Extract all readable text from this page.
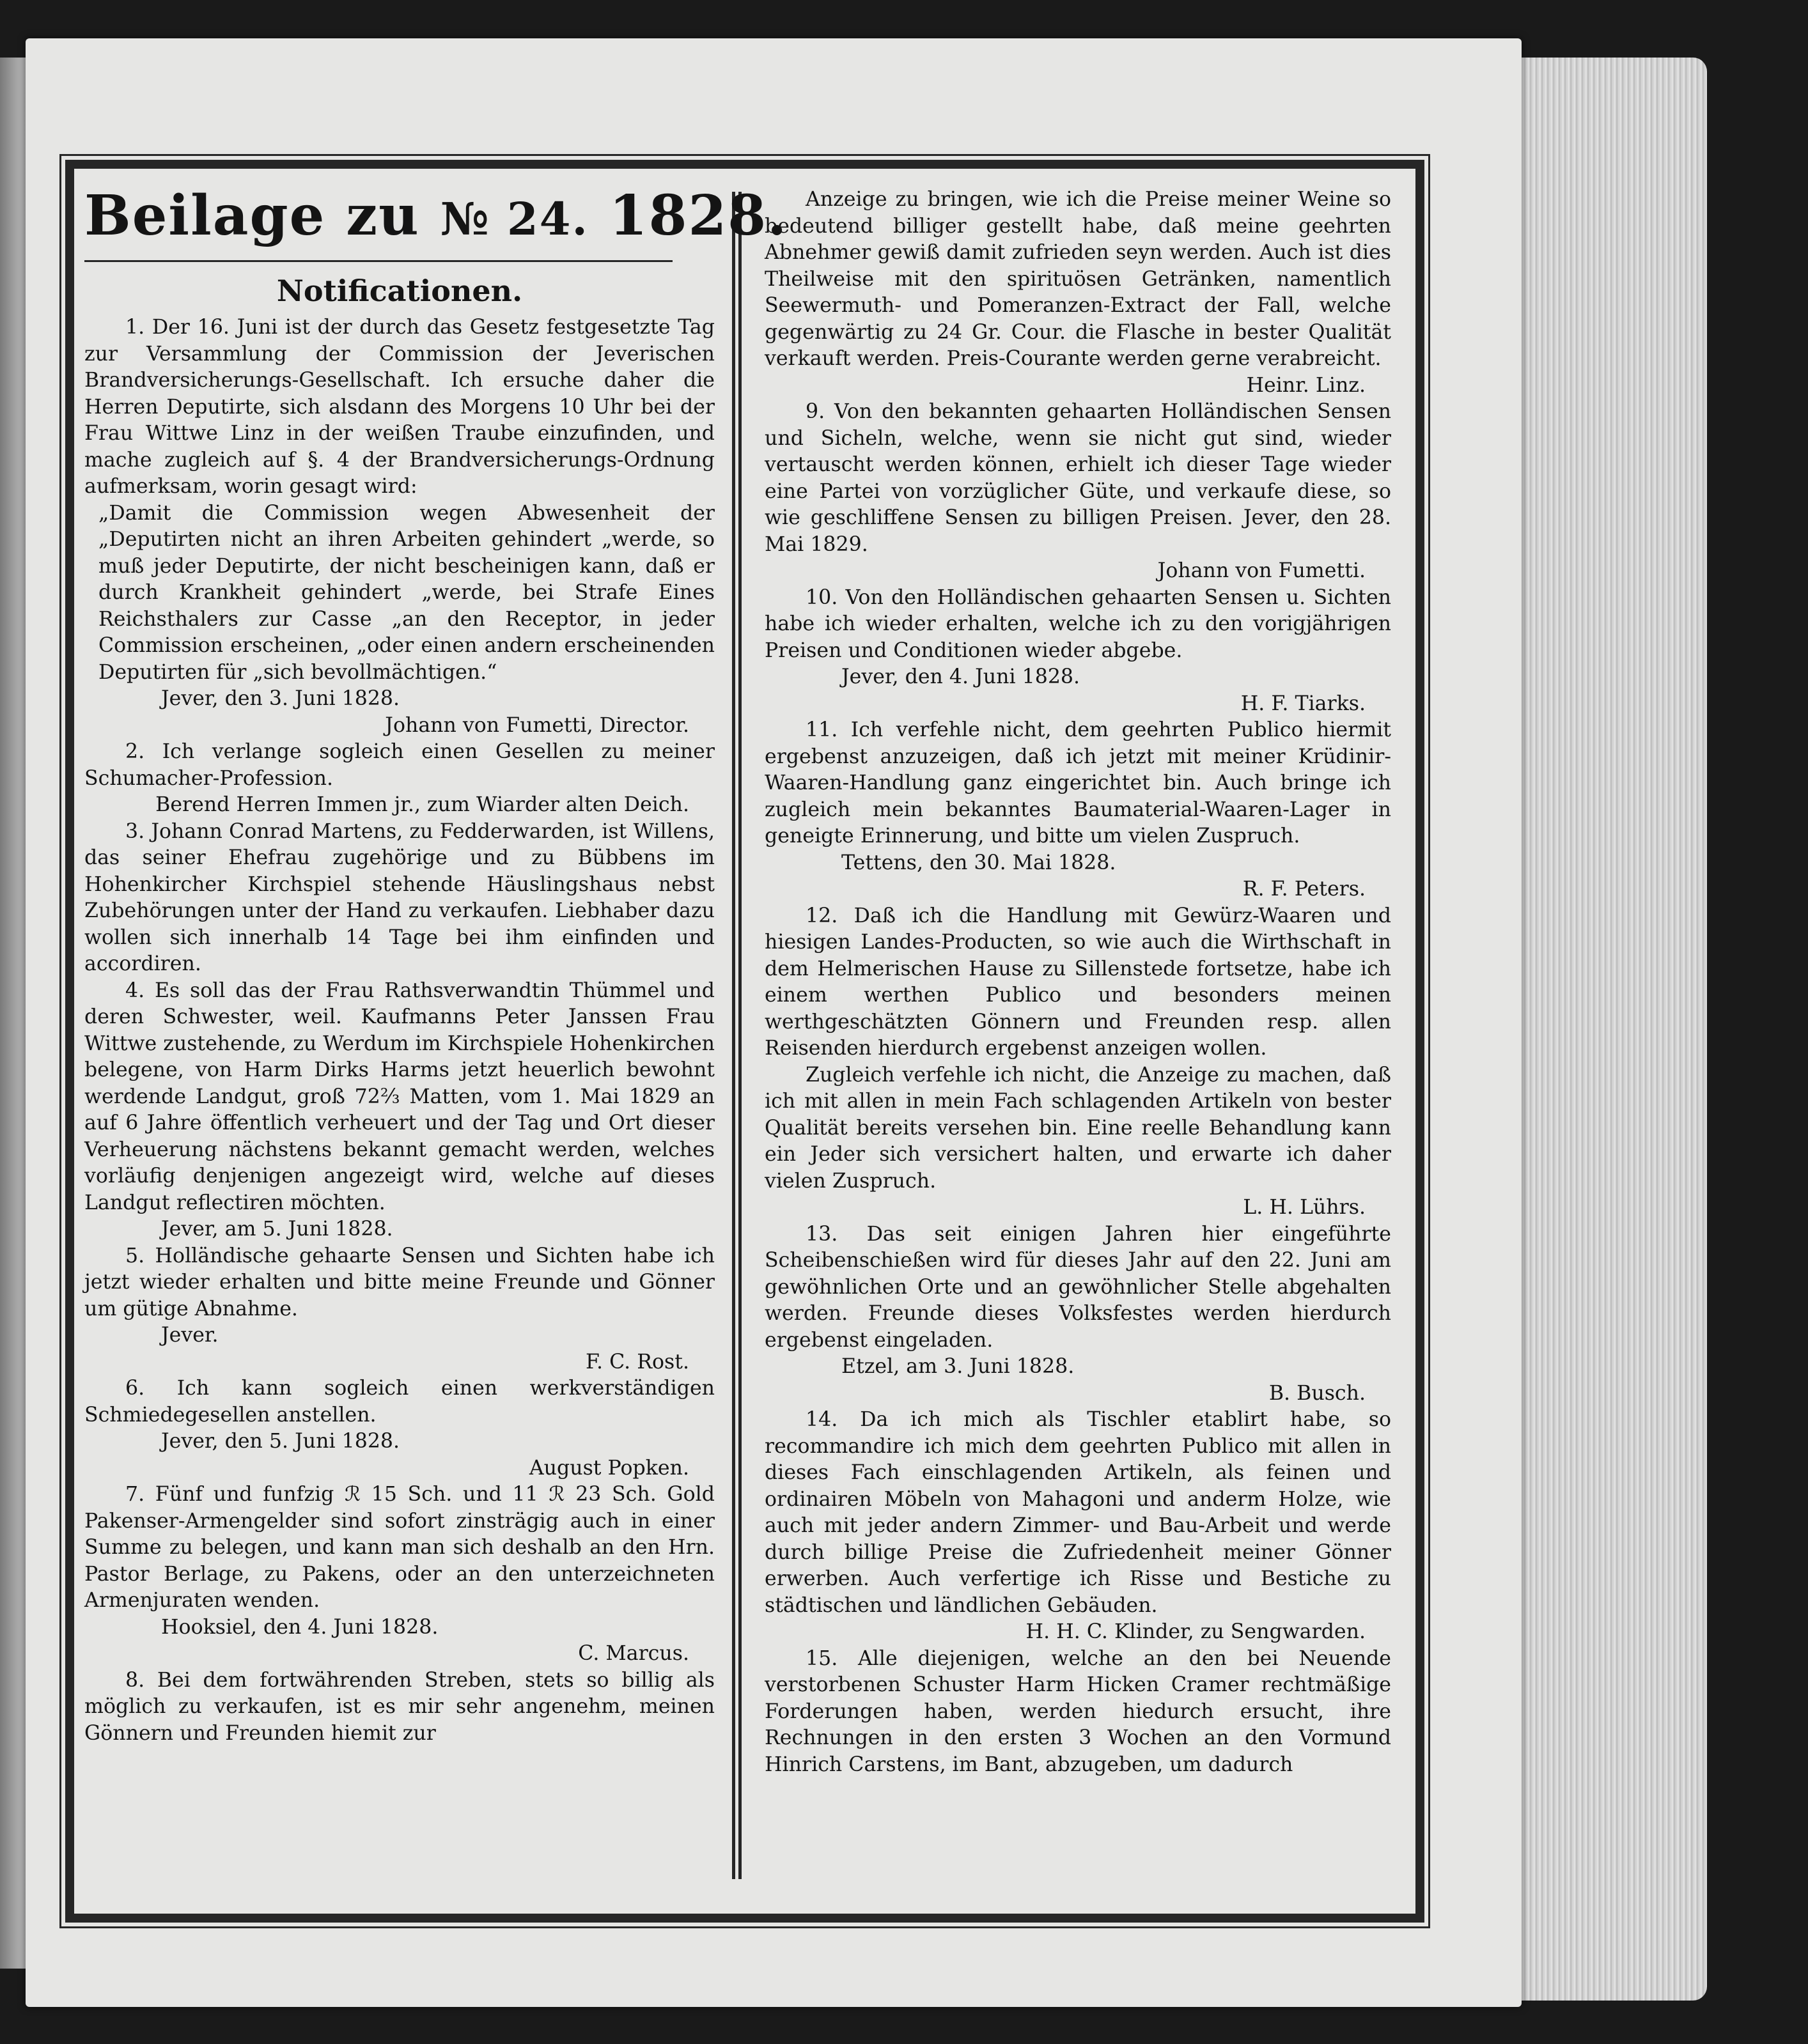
Beilage zu № 24. 1828.
Notificationen.

1. Der 16. Juni ist der durch das Gesetz festgesetzte Tag zur Versammlung der Commission der Jeverischen Brandversicherungs-Gesellschaft. Ich ersuche daher die Herren Deputirte, sich alsdann des Morgens 10 Uhr bei der Frau Wittwe Linz in der weißen Traube einzufinden, und mache zugleich auf §. 4 der Brandversicherungs-Ordnung aufmerksam, worin gesagt wird:

„Damit die Commission wegen Abwesenheit der „Deputirten nicht an ihren Arbeiten gehindert „werde, so muß jeder Deputirte, der nicht bescheinigen kann, daß er durch Krankheit gehindert „werde, bei Strafe Eines Reichsthalers zur Casse „an den Receptor, in jeder Commission erscheinen, „oder einen andern erscheinenden Deputirten für „sich bevollmächtigen.“

Jever, den 3. Juni 1828.
Johann von Fumetti, Director.

2. Ich verlange sogleich einen Gesellen zu meiner Schumacher-Profession.

Berend Herren Immen jr., zum Wiarder alten Deich.

3. Johann Conrad Martens, zu Fedderwarden, ist Willens, das seiner Ehefrau zugehörige und zu Bübbens im Hohenkircher Kirchspiel stehende Häuslingshaus nebst Zubehörungen unter der Hand zu verkaufen. Liebhaber dazu wollen sich innerhalb 14 Tage bei ihm einfinden und accordiren.

4. Es soll das der Frau Rathsverwandtin Thümmel und deren Schwester, weil. Kaufmanns Peter Janssen Frau Wittwe zustehende, zu Werdum im Kirchspiele Hohenkirchen belegene, von Harm Dirks Harms jetzt heuerlich bewohnt werdende Landgut, groß 72⅔ Matten, vom 1. Mai 1829 an auf 6 Jahre öffentlich verheuert und der Tag und Ort dieser Verheuerung nächstens bekannt gemacht werden, welches vorläufig denjenigen angezeigt wird, welche auf dieses Landgut reflectiren möchten.

Jever, am 5. Juni 1828.

5. Holländische gehaarte Sensen und Sichten habe ich jetzt wieder erhalten und bitte meine Freunde und Gönner um gütige Abnahme.

Jever.
F. C. Rost.

6. Ich kann sogleich einen werkverständigen Schmiedegesellen anstellen.

Jever, den 5. Juni 1828.
August Popken.

7. Fünf und funfzig ℛ 15 Sch. und 11 ℛ 23 Sch. Gold Pakenser-Armengelder sind sofort zinsträgig auch in einer Summe zu belegen, und kann man sich deshalb an den Hrn. Pastor Berlage, zu Pakens, oder an den unterzeichneten Armenjuraten wenden.

Hooksiel, den 4. Juni 1828.
C. Marcus.

8. Bei dem fortwährenden Streben, stets so billig als möglich zu verkaufen, ist es mir sehr angenehm, meinen Gönnern und Freunden hiemit zur

Anzeige zu bringen, wie ich die Preise meiner Weine so bedeutend billiger gestellt habe, daß meine geehrten Abnehmer gewiß damit zufrieden seyn werden. Auch ist dies Theilweise mit den spirituösen Getränken, namentlich Seewermuth- und Pomeranzen-Extract der Fall, welche gegenwärtig zu 24 Gr. Cour. die Flasche in bester Qualität verkauft werden. Preis-Courante werden gerne verabreicht.

Heinr. Linz.

9. Von den bekannten gehaarten Holländischen Sensen und Sicheln, welche, wenn sie nicht gut sind, wieder vertauscht werden können, erhielt ich dieser Tage wieder eine Partei von vorzüglicher Güte, und verkaufe diese, so wie geschliffene Sensen zu billigen Preisen. Jever, den 28. Mai 1829.

Johann von Fumetti.

10. Von den Holländischen gehaarten Sensen u. Sichten habe ich wieder erhalten, welche ich zu den vorigjährigen Preisen und Conditionen wieder abgebe.

Jever, den 4. Juni 1828.
H. F. Tiarks.

11. Ich verfehle nicht, dem geehrten Publico hiermit ergebenst anzuzeigen, daß ich jetzt mit meiner Krüdinir-Waaren-Handlung ganz eingerichtet bin. Auch bringe ich zugleich mein bekanntes Baumaterial-Waaren-Lager in geneigte Erinnerung, und bitte um vielen Zuspruch.

Tettens, den 30. Mai 1828.
R. F. Peters.

12. Daß ich die Handlung mit Gewürz-Waaren und hiesigen Landes-Producten, so wie auch die Wirthschaft in dem Helmerischen Hause zu Sillenstede fortsetze, habe ich einem werthen Publico und besonders meinen werthgeschätzten Gönnern und Freunden resp. allen Reisenden hierdurch ergebenst anzeigen wollen.

Zugleich verfehle ich nicht, die Anzeige zu machen, daß ich mit allen in mein Fach schlagenden Artikeln von bester Qualität bereits versehen bin. Eine reelle Behandlung kann ein Jeder sich versichert halten, und erwarte ich daher vielen Zuspruch.

L. H. Lührs.

13. Das seit einigen Jahren hier eingeführte Scheibenschießen wird für dieses Jahr auf den 22. Juni am gewöhnlichen Orte und an gewöhnlicher Stelle abgehalten werden. Freunde dieses Volksfestes werden hierdurch ergebenst eingeladen.

Etzel, am 3. Juni 1828.
B. Busch.

14. Da ich mich als Tischler etablirt habe, so recommandire ich mich dem geehrten Publico mit allen in dieses Fach einschlagenden Artikeln, als feinen und ordinairen Möbeln von Mahagoni und anderm Holze, wie auch mit jeder andern Zimmer- und Bau-Arbeit und werde durch billige Preise die Zufriedenheit meiner Gönner erwerben. Auch verfertige ich Risse und Bestiche zu städtischen und ländlichen Gebäuden.

H. H. C. Klinder, zu Sengwarden.

15. Alle diejenigen, welche an den bei Neuende verstorbenen Schuster Harm Hicken Cramer rechtmäßige Forderungen haben, werden hiedurch ersucht, ihre Rechnungen in den ersten 3 Wochen an den Vormund Hinrich Carstens, im Bant, abzugeben, um dadurch
